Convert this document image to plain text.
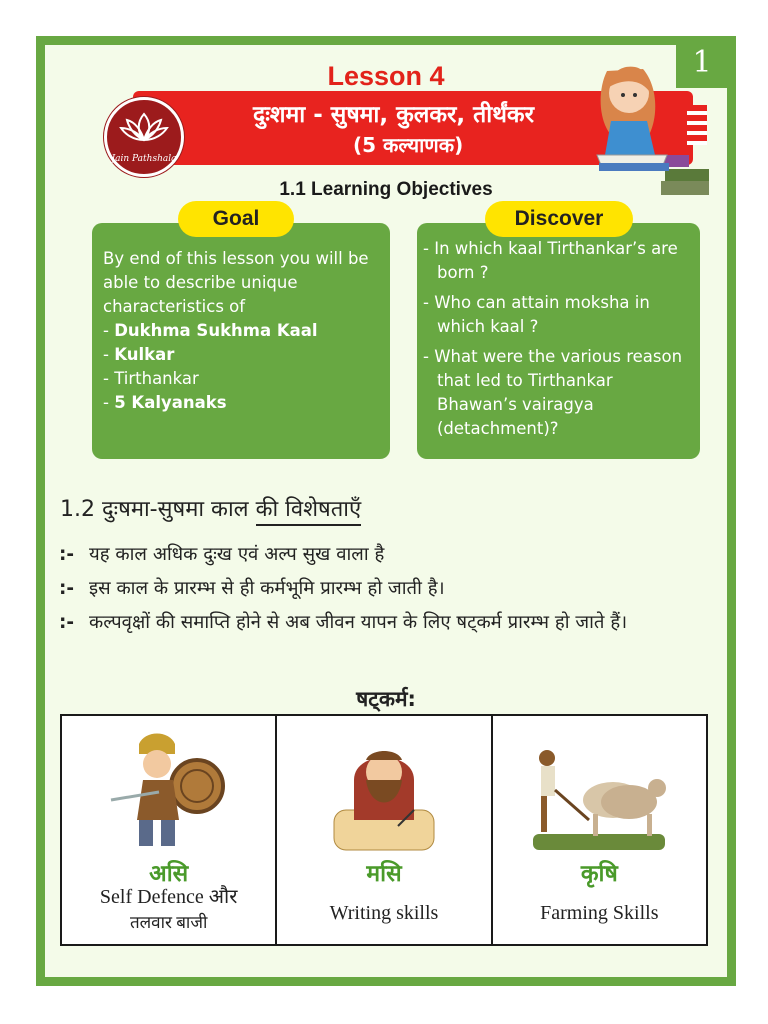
1
Lesson 4
दुःशमा - सुषमा, कुलकर, तीर्थंकर
(5 कल्याणक)
Jain Pathshala
1.1 Learning Objectives
Goal
By end of this lesson you will be able to describe unique characteristics of
- Dukhma Sukhma Kaal
- Kulkar
- Tirthankar
- 5 Kalyanaks
Discover
- In which kaal Tirthankar’s are born ?
- Who can attain moksha in which kaal ?
- What were the various reason that led to Tirthankar Bhawan’s vairagya (detachment)?
1.2 दुःषमा-सुषमा काल की विशेषताएँ
:- यह काल अधिक दुःख एवं अल्प सुख वाला है
:- इस काल के प्रारम्भ से ही कर्मभूमि प्रारम्भ हो जाती है।
:- कल्पवृक्षों की समाप्ति होने से अब जीवन यापन के लिए षट्कर्म प्रारम्भ हो जाते हैं।
षट्कर्म:
असि
Self Defence और
तलवार बाजी
मसि
Writing skills
कृषि
Farming Skills
